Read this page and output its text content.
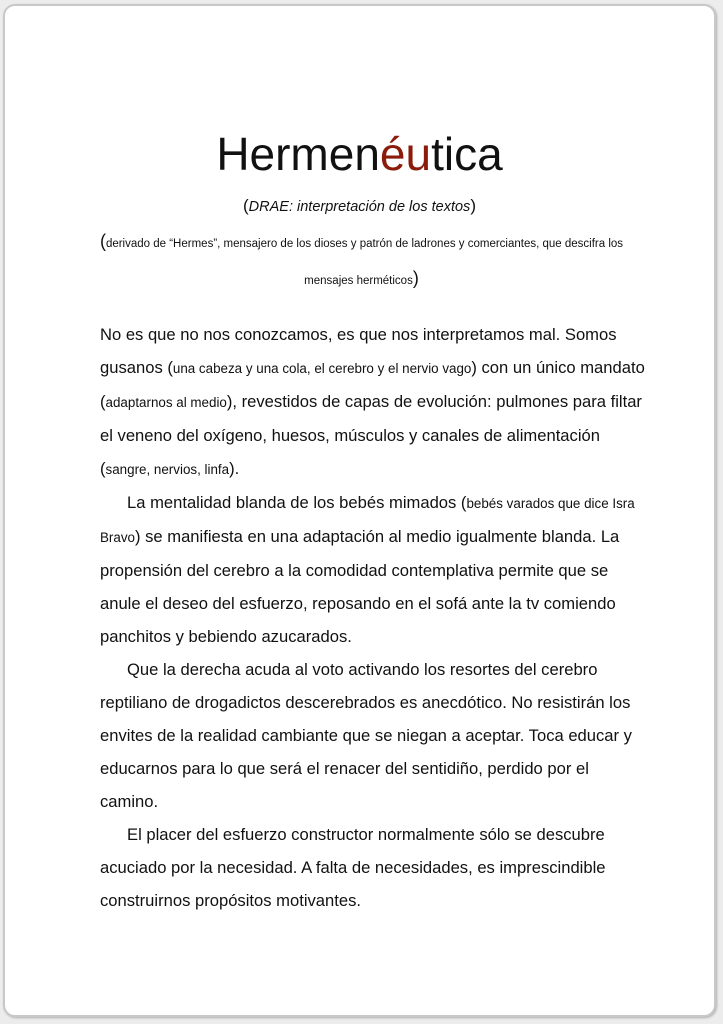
Hermenéutica
(DRAE: interpretación de los textos)
(derivado de “Hermes”, mensajero de los dioses y patrón de ladrones y comerciantes, que descifra los mensajes herméticos)

No es que no nos conozcamos, es que nos interpretamos mal. Somos gusanos (una cabeza y una cola, el cerebro y el nervio vago) con un único mandato (adaptarnos al medio), revestidos de capas de evolución: pulmones para filtar el veneno del oxígeno, huesos, músculos y canales de alimentación (sangre, nervios, linfa).

La mentalidad blanda de los bebés mimados (bebés varados que dice Isra Bravo) se manifiesta en una adaptación al medio igualmente blanda. La propensión del cerebro a la comodidad contemplativa permite que se anule el deseo del esfuerzo, reposando en el sofá ante la tv comiendo panchitos y bebiendo azucarados.

Que la derecha acuda al voto activando los resortes del cerebro reptiliano de drogadictos descerebrados es anecdótico. No resistirán los envites de la realidad cambiante que se niegan a aceptar. Toca educar y educarnos para lo que será el renacer del sentidiño, perdido por el camino.

El placer del esfuerzo constructor normalmente sólo se descubre acuciado por la necesidad. A falta de necesidades, es imprescindible construirnos propósitos motivantes.
